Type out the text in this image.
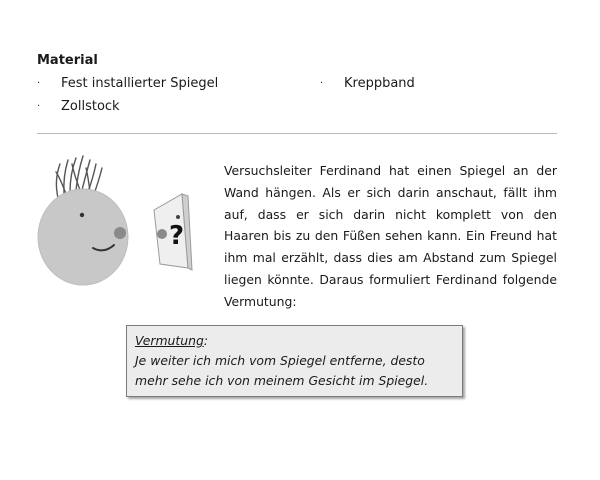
Material
·	Fest installierter Spiegel	·	Kreppband
·	Zollstock
?
Versuchsleiter Ferdinand hat einen Spiegel an der Wand hängen. Als er sich darin anschaut, fällt ihm auf, dass er sich darin nicht komplett von den Haaren bis zu den Füßen sehen kann. Ein Freund hat ihm mal erzählt, dass dies am Abstand zum Spiegel liegen könnte. Daraus formuliert Ferdinand folgende Vermutung:
Vermutung:
Je weiter ich mich vom Spiegel entferne, desto mehr sehe ich von meinem Gesicht im Spiegel.
